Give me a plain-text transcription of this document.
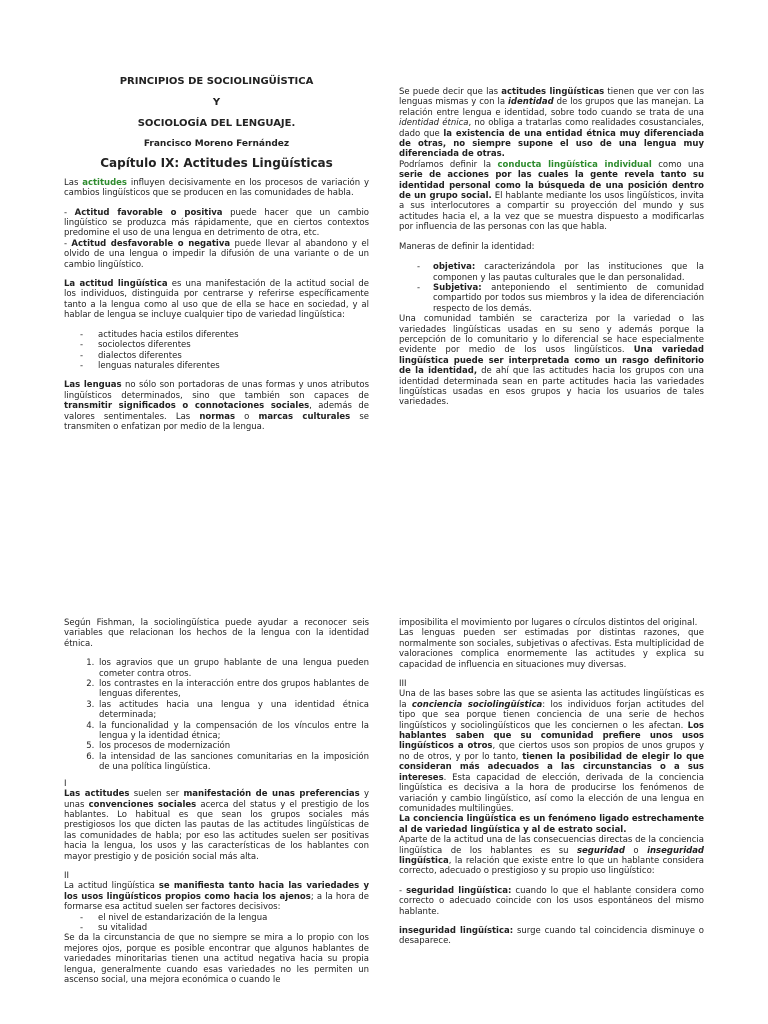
PRINCIPIOS DE SOCIOLINGÜÍSTICA

Y

SOCIOLOGÍA DEL LENGUAJE.

Francisco Moreno Fernández

Capítulo IX: Actitudes Lingüísticas

Las actitudes influyen decisivamente en los procesos de variación y cambios lingüísticos que se producen en las comunidades de habla.

- Actitud favorable o positiva puede hacer que un cambio lingüístico se produzca más rápidamente, que en ciertos contextos predomine el uso de una lengua en detrimento de otra, etc.

- Actitud desfavorable o negativa puede llevar al abandono y el olvido de una lengua o impedir la difusión de una variante o de un cambio lingüístico.

La actitud lingüística es una manifestación de la actitud social de los individuos, distinguida por centrarse y referirse específicamente tanto a la lengua como al uso que de ella se hace en sociedad, y al hablar de lengua se incluye cualquier tipo de variedad lingüística:

- actitudes hacia estilos diferentes
- sociolectos diferentes
- dialectos diferentes
- lenguas naturales diferentes

Las lenguas no sólo son portadoras de unas formas y unos atributos lingüísticos determinados, sino que también son capaces de transmitir significados o connotaciones sociales, además de valores sentimentales. Las normas o marcas culturales se transmiten o enfatizan por medio de la lengua.

Se puede decir que las actitudes lingüísticas tienen que ver con las lenguas mismas y con la identidad de los grupos que las manejan. La relación entre lengua e identidad, sobre todo cuando se trata de una identidad étnica, no obliga a tratarlas como realidades cosustanciales, dado que la existencia de una entidad étnica muy diferenciada de otras, no siempre supone el uso de una lengua muy diferenciada de otras.

Podríamos definir la conducta lingüística individual como una serie de acciones por las cuales la gente revela tanto su identidad personal como la búsqueda de una posición dentro de un grupo social. El hablante mediante los usos lingüísticos, invita a sus interlocutores a compartir su proyección del mundo y sus actitudes hacia el, a la vez que se muestra dispuesto a modificarlas por influencia de las personas con las que habla.

Maneras de definir la identidad:

- objetiva: caracterizándola por las instituciones que la componen y las pautas culturales que le dan personalidad.
- Subjetiva: anteponiendo el sentimiento de comunidad compartido por todos sus miembros y la idea de diferenciación respecto de los demás.

Una comunidad también se caracteriza por la variedad o las variedades lingüísticas usadas en su seno y además porque la percepción de lo comunitario y lo diferencial se hace especialmente evidente por medio de los usos lingüísticos. Una variedad lingüística puede ser interpretada como un rasgo definitorio de la identidad, de ahí que las actitudes hacia los grupos con una identidad determinada sean en parte actitudes hacia las variedades lingüísticas usadas en esos grupos y hacia los usuarios de tales variedades.

Según Fishman, la sociolingüística puede ayudar a reconocer seis variables que relacionan los hechos de la lengua con la identidad étnica.

1. los agravios que un grupo hablante de una lengua pueden cometer contra otros.
2. los contrastes en la interacción entre dos grupos hablantes de lenguas diferentes,
3. las actitudes hacia una lengua y una identidad étnica determinada;
4. la funcionalidad y la compensación de los vínculos entre la lengua y la identidad étnica;
5. los procesos de modernización
6. la intensidad de las sanciones comunitarias en la imposición de una política lingüística.

I

Las actitudes suelen ser manifestación de unas preferencias y unas convenciones sociales acerca del status y el prestigio de los hablantes. Lo habitual es que sean los grupos sociales más prestigiosos los que dicten las pautas de las actitudes lingüísticas de las comunidades de habla; por eso las actitudes suelen ser positivas hacia la lengua, los usos y las características de los hablantes con mayor prestigio y de posición social más alta.

II

La actitud lingüística se manifiesta tanto hacia las variedades y los usos lingüísticos propios como hacia los ajenos; a la hora de formarse esa actitud suelen ser factores decisivos:

- el nivel de estandarización de la lengua
- su vitalidad

Se da la circunstancia de que no siempre se mira a lo propio con los mejores ojos, porque es posible encontrar que algunos hablantes de variedades minoritarias tienen una actitud negativa hacia su propia lengua, generalmente cuando esas variedades no les permiten un ascenso social, una mejora económica o cuando le

imposibilita el movimiento por lugares o círculos distintos del original.

Las lenguas pueden ser estimadas por distintas razones, que normalmente son sociales, subjetivas o afectivas. Esta multiplicidad de valoraciones complica enormemente las actitudes y explica su capacidad de influencia en situaciones muy diversas.

III

Una de las bases sobre las que se asienta las actitudes lingüísticas es la conciencia sociolingüística: los individuos forjan actitudes del tipo que sea porque tienen conciencia de una serie de hechos lingüísticos y sociolingüísticos que les conciernen o les afectan. Los hablantes saben que su comunidad prefiere unos usos lingüísticos a otros, que ciertos usos son propios de unos grupos y no de otros, y por lo tanto, tienen la posibilidad de elegir lo que consideran más adecuados a las circunstancias o a sus intereses. Esta capacidad de elección, derivada de la conciencia lingüística es decisiva a la hora de producirse los fenómenos de variación y cambio lingüístico, así como la elección de una lengua en comunidades multilingües.

La conciencia lingüística es un fenómeno ligado estrechamente al de variedad lingüística y al de estrato social.

Aparte de la actitud una de las consecuencias directas de la conciencia lingüística de los hablantes es su seguridad o inseguridad lingüística, la relación que existe entre lo que un hablante considera correcto, adecuado o prestigioso y su propio uso lingüístico:

- seguridad lingüística: cuando lo que el hablante considera como correcto o adecuado coincide con los usos espontáneos del mismo hablante.

inseguridad lingüística: surge cuando tal coincidencia disminuye o desaparece.
